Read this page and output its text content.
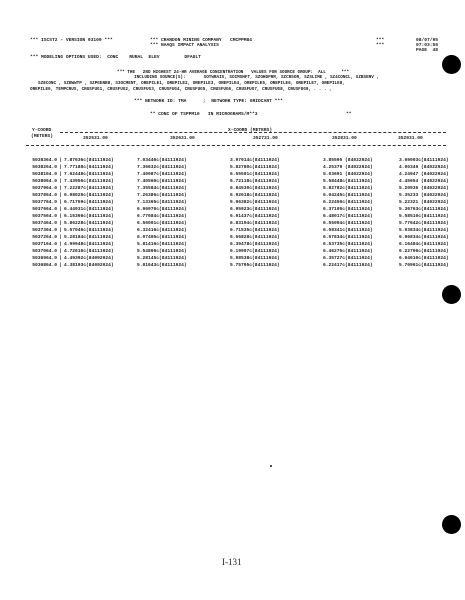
*** ISCST2 - VERSION 93109 ***	*** CRANDON MINING COMPANY   CMCPPM84
*** NAAQS IMPACT ANALYSIS
***
***
08/07/95
07:03:56
PAGE  48
*** MODELING OPTIONS USED:  CONC    RURAL  ELEV         DFAULT
*** THE   2ND HIGHEST 24-HR AVERAGE CONCENTRATION   VALUES FOR SOURCE GROUP:  ALL      ***
INCLUDING SOURCE(S):       SOTWRAIS, SOIMSHFT, SZOHDFRM, SZCRSOR, SZSLIME , SZ4CONCL, SZBSERV ,
SZ8CONC , SZBWWTP , SZPGENR8, S3OCMENT, OREPILE1, OREPILE2, OREPILE3, OREPILE4, OREPILE5, OREPILE6, OREPILE7, OREPILE8,
OREPILE9, TEMPCRUS, CRUSFUG1, CRUSFUG2, CRUSFUG3, CRUSFUG4, CRUSFUG5, CRUSFUG6, CRUSFUG7, CRUSFUG8, CRUSFUG9, . . . ,
*** NETWORK ID: TMA      ;  NETWORK TYPE: GRIDCART ***
** CONC OF TSPPM10   IN MICROGRAMS/M**3	**
Y-COORD
(METERS)
X-COORD (METERS)
352531.00	352631.00	352731.00	352831.00	352931.00
5038364.0 | 7.87636c(84111924)	7.03446c(84111924)	3.97914c(84111924)	3.85595 (84022924)	3.69003c(84111924)
5038264.0 | 7.77188c(84111924)	7.36632c(84111924)	5.82780c(84111924)	4.25379 (84022924)	4.00346 (84022924)
5038164.0 | 7.62448c(84111924)	7.40987c(84111924)	6.55501c(84111924)	5.03691 (84022924)	4.24947 (84022924)
5038064.0 | 7.43956c(84111924)	7.40560c(84111924)	6.72118c(84111924)	5.58448c(84111924)	4.45654 (84022924)
5037964.0 | 7.22287c(84111924)	7.35584c(84111924)	6.84530c(84111924)	5.82782c(84111924)	5.20936 (84022924)
5037864.0 | 6.98029c(84111924)	7.26386c(84111924)	6.92618c(84111924)	6.04245c(84111924)	5.35233 (84022924)
5037764.0 | 6.71759c(84111924)	7.13365c(84111924)	6.96382c(84111924)	6.22450c(84111924)	5.22321 (84022924)
5037664.0 | 6.44031c(84111924)	6.96970c(84111924)	6.95923c(84111924)	6.37105c(84111924)	5.36763c(84111924)
5037564.0 | 6.15366c(84111924)	6.77684c(84111924)	6.91437c(84111924)	6.48017c(84111924)	5.58510c(84111924)
5037464.0 | 5.86228c(84111924)	6.56001c(84111924)	6.83194c(84111924)	6.55094c(84111924)	5.77642c(84111924)
5037364.0 | 5.57046c(84111924)	6.32416c(84111924)	6.71535c(84111924)	6.58341c(84111924)	5.93834c(84111924)
5037264.0 | 5.28184c(84111924)	6.07405c(84111924)	6.56828c(84111924)	6.57834c(84111924)	6.06834c(84111924)
5037164.0 | 4.99948c(84111924)	5.81416c(84111924)	6.39478c(84111924)	6.53735c(84111924)	6.16484c(84111924)
5037064.0 | 4.72610c(84111924)	5.54866c(84111924)	6.19907c(84111924)	6.46275c(84111924)	6.22706c(84111924)
5036964.0 | 4.49392c(84092024)	5.28145c(84111924)	5.98538c(84111924)	6.35727c(84111924)	6.04610c(84111924)
5036864.0 | 4.38193c(84092024)	5.01643c(84111924)	5.75795c(84111924)	6.22417c(84111924)	5.76961c(84111924)
I-131
